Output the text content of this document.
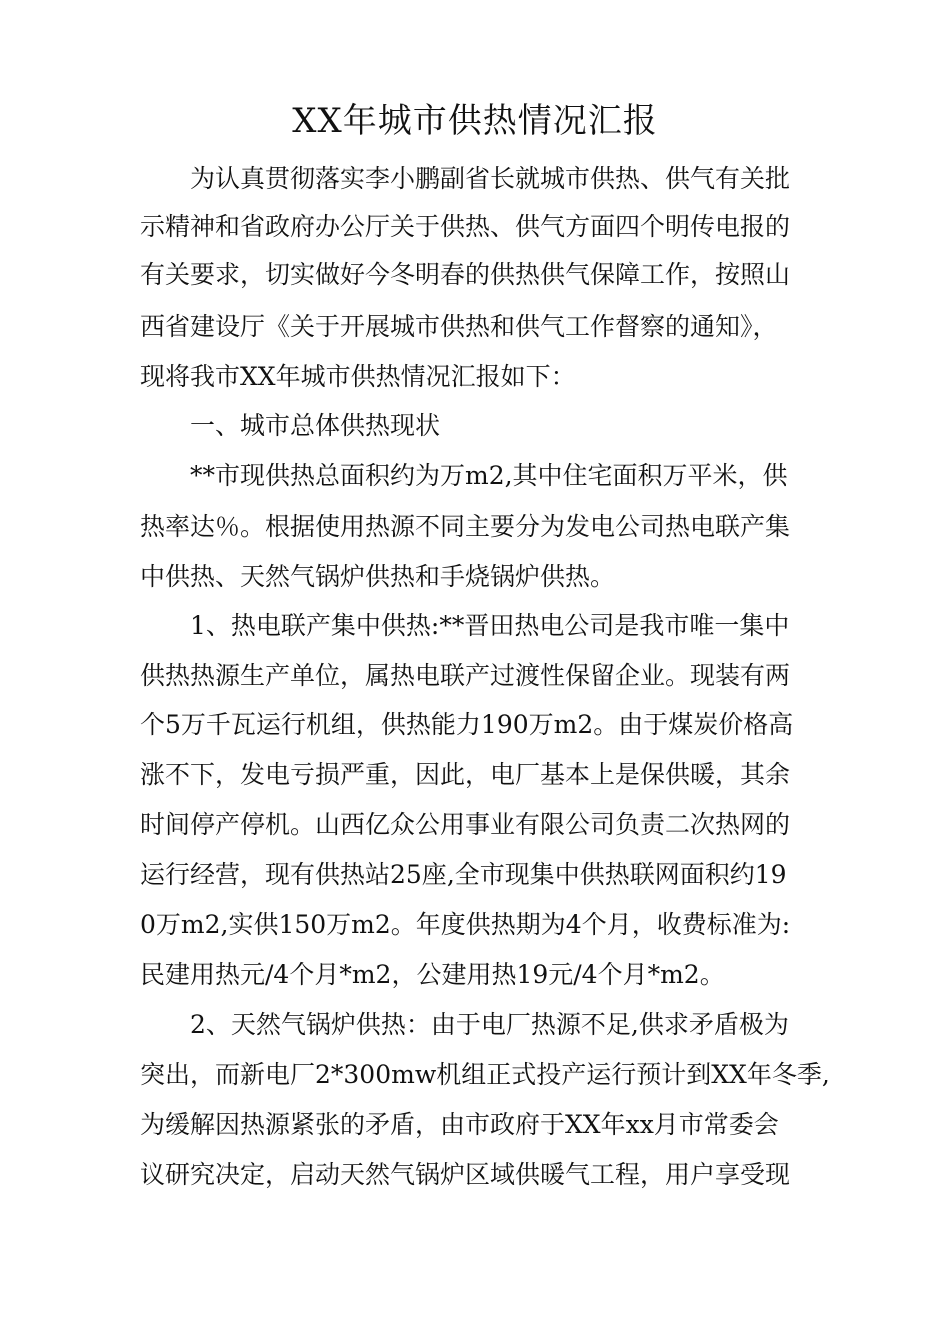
XX年城市供热情况汇报

为认真贯彻落实李小鹏副省长就城市供热、供气有关批

示精神和省政府办公厅关于供热、供气方面四个明传电报的

有关要求，切实做好今冬明春的供热供气保障工作，按照山

西省建设厅《关于开展城市供热和供气工作督察的通知》，

现将我市XX年城市供热情况汇报如下：

一、城市总体供热现状

**市现供热总面积约为万m2,其中住宅面积万平米，供

热率达％。根据使用热源不同主要分为发电公司热电联产集

中供热、天然气锅炉供热和手烧锅炉供热。

1、热电联产集中供热:**晋田热电公司是我市唯一集中

供热热源生产单位，属热电联产过渡性保留企业。现装有两

个5万千瓦运行机组，供热能力190万m2。由于煤炭价格高

涨不下，发电亏损严重，因此，电厂基本上是保供暖，其余

时间停产停机。山西亿众公用事业有限公司负责二次热网的

运行经营，现有供热站25座,全市现集中供热联网面积约19

0万m2,实供150万m2。年度供热期为4个月，收费标准为:

民建用热元/4个月*m2，公建用热19元/4个月*m2。

2、天然气锅炉供热：由于电厂热源不足,供求矛盾极为

突出，而新电厂2*300mw机组正式投产运行预计到XX年冬季,

为缓解因热源紧张的矛盾，由市政府于XX年xx月市常委会

议研究决定，启动天然气锅炉区域供暖气工程，用户享受现
